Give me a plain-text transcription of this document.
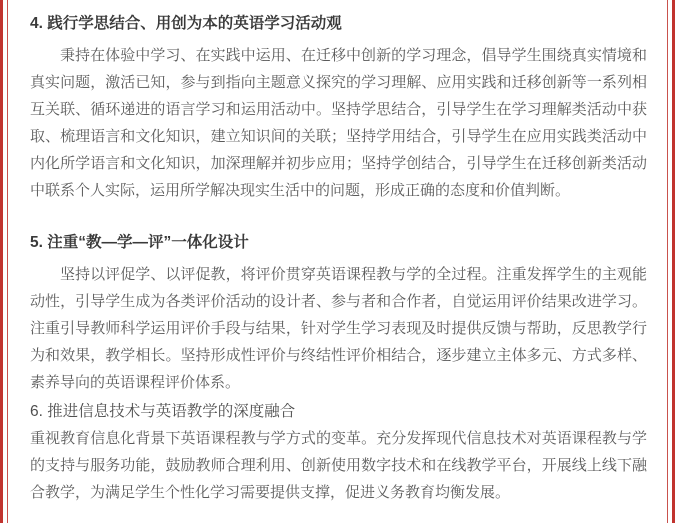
4. 践行学思结合、用创为本的英语学习活动观

秉持在体验中学习、在实践中运用、在迁移中创新的学习理念，倡导学生围绕真实情境和真实问题，激活已知，参与到指向主题意义探究的学习理解、应用实践和迁移创新等一系列相互关联、循环递进的语言学习和运用活动中。坚持学思结合，引导学生在学习理解类活动中获取、梳理语言和文化知识，建立知识间的关联；坚持学用结合，引导学生在应用实践类活动中内化所学语言和文化知识，加深理解并初步应用；坚持学创结合，引导学生在迁移创新类活动中联系个人实际，运用所学解决现实生活中的问题，形成正确的态度和价值判断。

5. 注重“教—学—评”一体化设计

坚持以评促学、以评促教，将评价贯穿英语课程教与学的全过程。注重发挥学生的主观能动性，引导学生成为各类评价活动的设计者、参与者和合作者，自觉运用评价结果改进学习。注重引导教师科学运用评价手段与结果，针对学生学习表现及时提供反馈与帮助，反思教学行为和效果，教学相长。坚持形成性评价与终结性评价相结合，逐步建立主体多元、方式多样、素养导向的英语课程评价体系。

6. 推进信息技术与英语教学的深度融合

重视教育信息化背景下英语课程教与学方式的变革。充分发挥现代信息技术对英语课程教与学的支持与服务功能，鼓励教师合理利用、创新使用数字技术和在线教学平台，开展线上线下融合教学，为满足学生个性化学习需要提供支撑，促进义务教育均衡发展。
